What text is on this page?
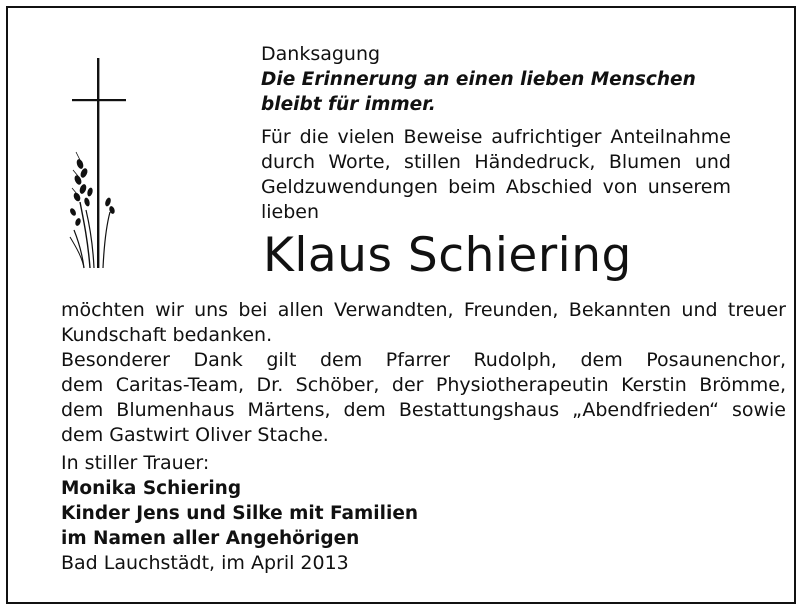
Danksagung
Die Erinnerung an einen lieben Menschen
bleibt für immer.
Für die vielen Beweise aufrichtiger Anteilnahme
durch Worte, stillen Händedruck, Blumen und
Geldzuwendungen beim Abschied von unserem
lieben
Klaus Schiering
möchten wir uns bei allen Verwandten, Freunden, Bekannten und treuer
Kundschaft bedanken.
Besonderer Dank gilt dem Pfarrer Rudolph, dem Posaunenchor,
dem Caritas-Team, Dr. Schöber, der Physiotherapeutin Kerstin Brömme,
dem Blumenhaus Märtens, dem Bestattungshaus „Abendfrieden“ sowie
dem Gastwirt Oliver Stache.
In stiller Trauer:
Monika Schiering
Kinder Jens und Silke mit Familien
im Namen aller Angehörigen
Bad Lauchstädt, im April 2013
